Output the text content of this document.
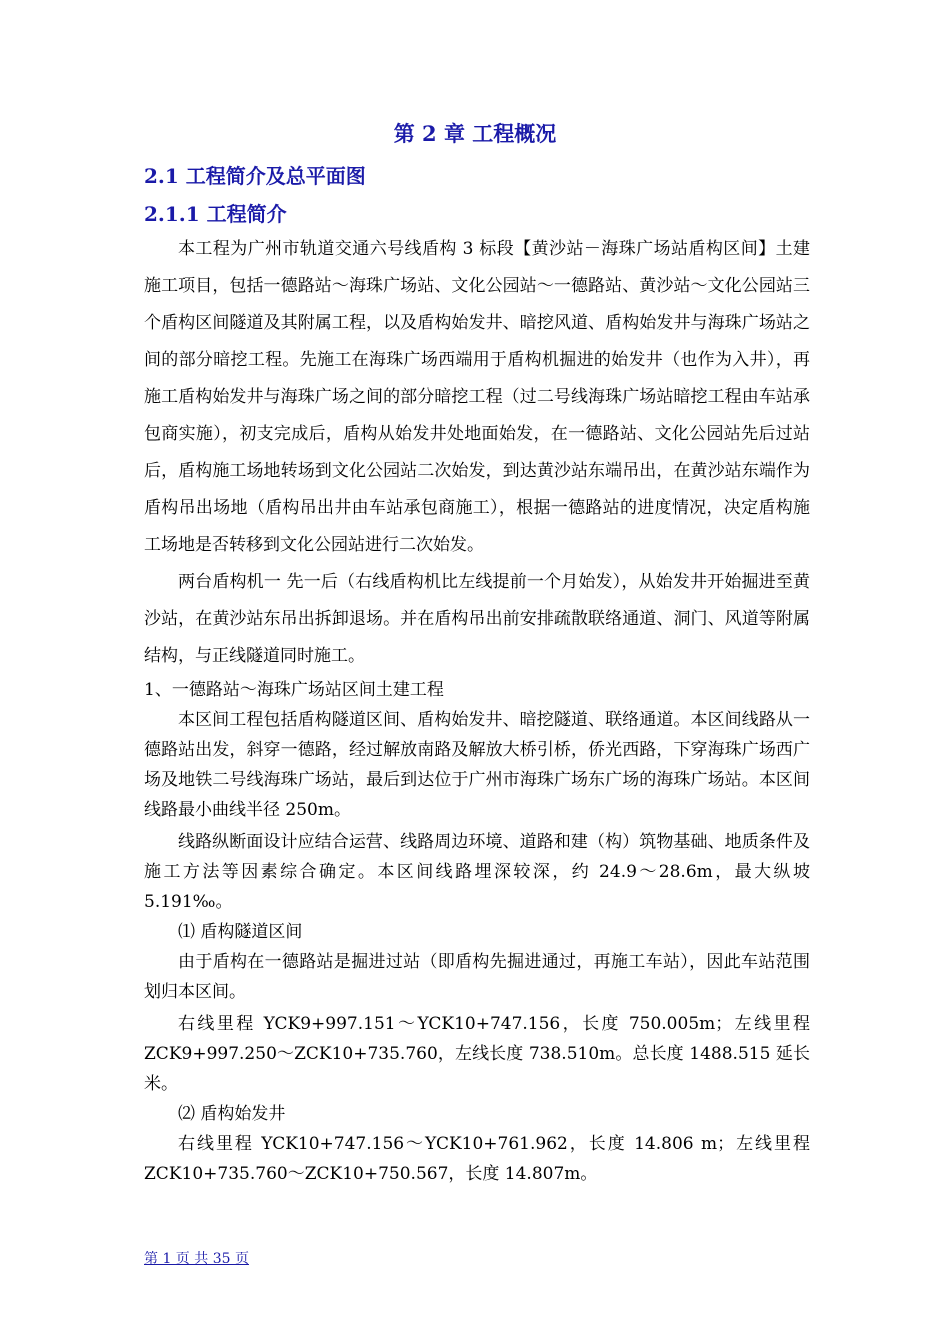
第 2 章 工程概况
2.1 工程简介及总平面图
2.1.1 工程简介

本工程为广州市轨道交通六号线盾构 3 标段【黄沙站－海珠广场站盾构区间】土建施工项目，包括一德路站～海珠广场站、文化公园站～一德路站、黄沙站～文化公园站三个盾构区间隧道及其附属工程，以及盾构始发井、暗挖风道、盾构始发井与海珠广场站之间的部分暗挖工程。先施工在海珠广场西端用于盾构机掘进的始发井（也作为入井），再施工盾构始发井与海珠广场之间的部分暗挖工程（过二号线海珠广场站暗挖工程由车站承包商实施），初支完成后，盾构从始发井处地面始发，在一德路站、文化公园站先后过站后，盾构施工场地转场到文化公园站二次始发，到达黄沙站东端吊出，在黄沙站东端作为盾构吊出场地（盾构吊出井由车站承包商施工），根据一德路站的进度情况，决定盾构施工场地是否转移到文化公园站进行二次始发。

两台盾构机一 先一后（右线盾构机比左线提前一个月始发），从始发井开始掘进至黄沙站，在黄沙站东吊出拆卸退场。并在盾构吊出前安排疏散联络通道、洞门、风道等附属结构，与正线隧道同时施工。

1、一德路站～海珠广场站区间土建工程

本区间工程包括盾构隧道区间、盾构始发井、暗挖隧道、联络通道。本区间线路从一德路站出发，斜穿一德路，经过解放南路及解放大桥引桥，侨光西路，下穿海珠广场西广场及地铁二号线海珠广场站，最后到达位于广州市海珠广场东广场的海珠广场站。本区间线路最小曲线半径 250m。

线路纵断面设计应结合运营、线路周边环境、道路和建（构）筑物基础、地质条件及施工方法等因素综合确定。本区间线路埋深较深，约 24.9～28.6m，最大纵坡 5.191‰。

⑴ 盾构隧道区间

由于盾构在一德路站是掘进过站（即盾构先掘进通过，再施工车站），因此车站范围划归本区间。

右线里程 YCK9+997.151～YCK10+747.156，长度 750.005m；左线里程 ZCK9+997.250～ZCK10+735.760，左线长度 738.510m。总长度 1488.515 延长米。

⑵ 盾构始发井

右线里程 YCK10+747.156～YCK10+761.962，长度 14.806 m；左线里程 ZCK10+735.760～ZCK10+750.567，长度 14.807m。

第 1 页 共 35 页
